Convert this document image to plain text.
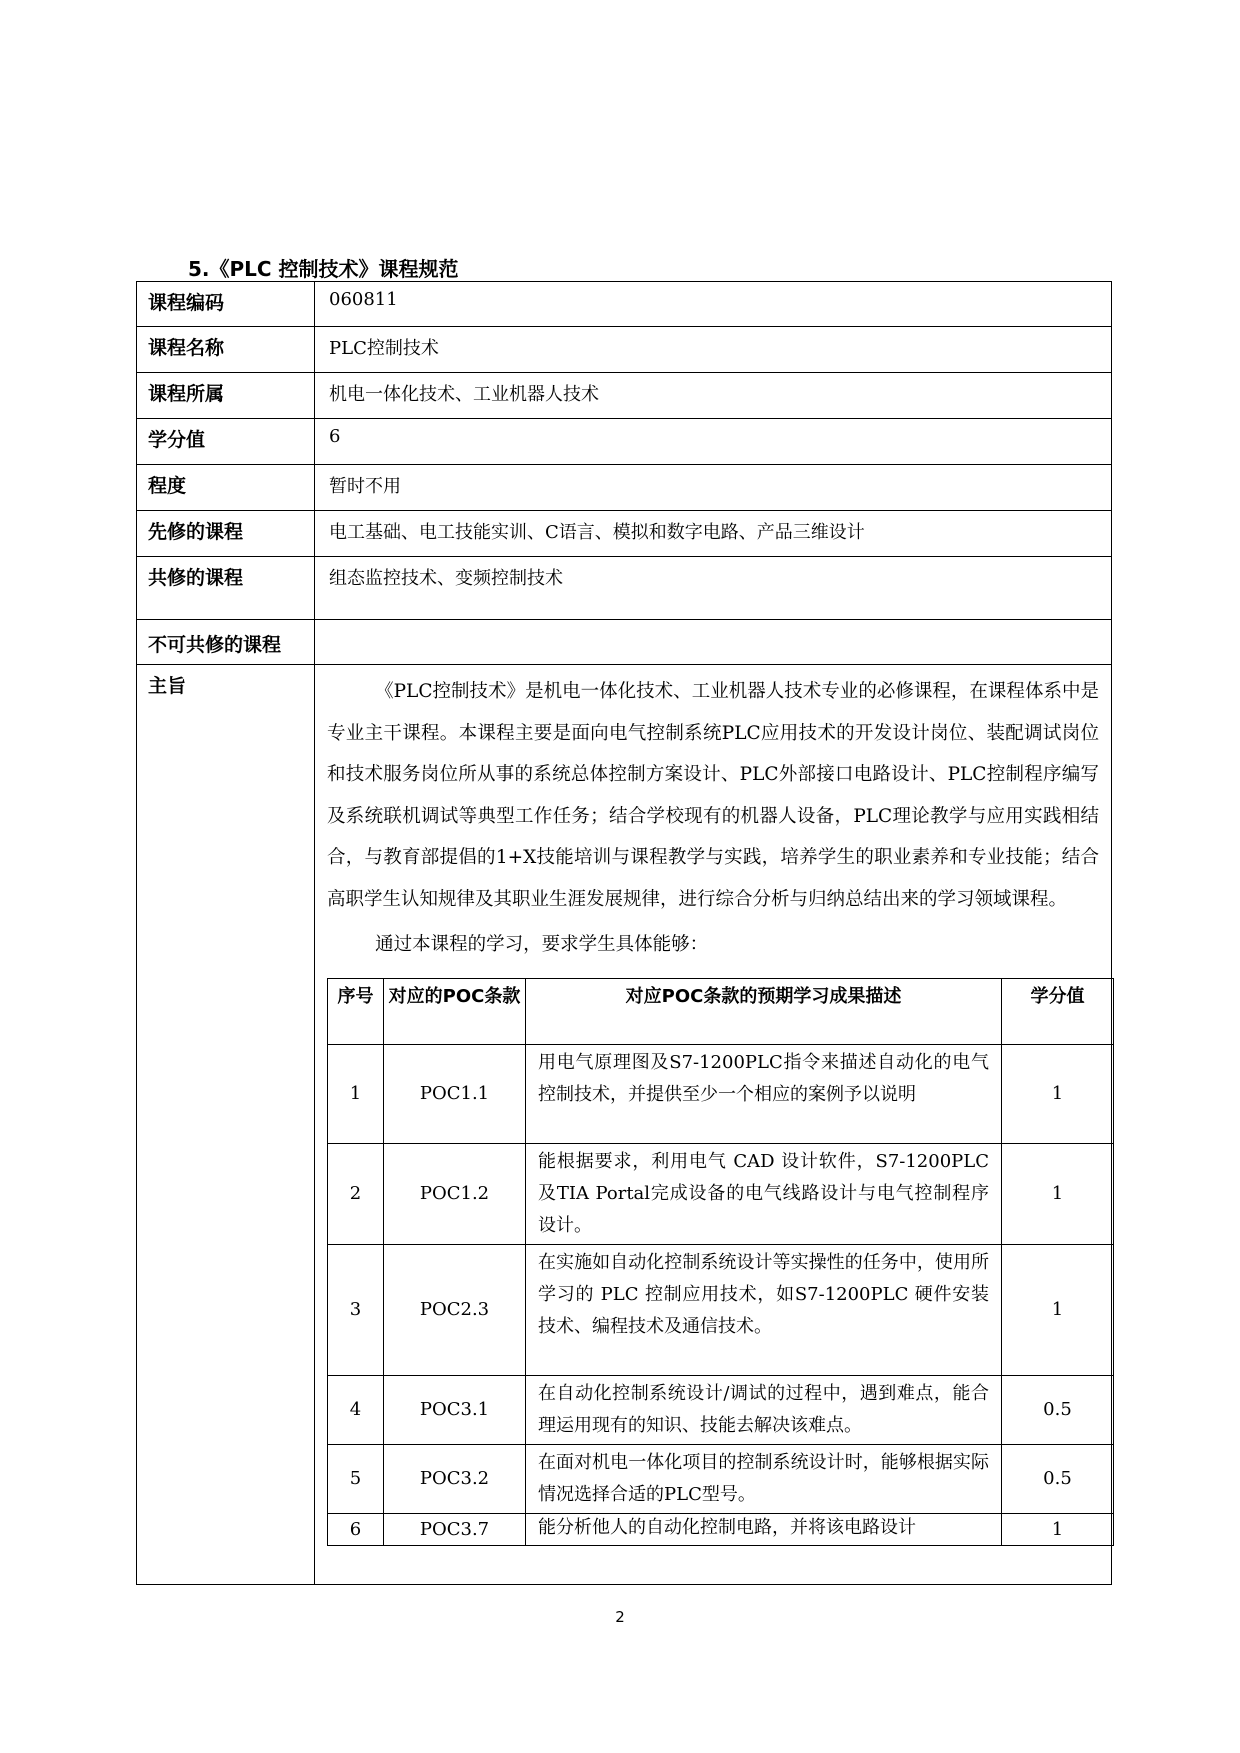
5.《PLC 控制技术》课程规范
课程编码	060811
课程名称	PLC控制技术
课程所属	机电一体化技术、工业机器人技术
学分值	6
程度	暂时不用
先修的课程	电工基础、电工技能实训、C语言、模拟和数字电路、产品三维设计
共修的课程	组态监控技术、变频控制技术
不可共修的课程	
主旨	《PLC控制技术》是机电一体化技术、工业机器人技术专业的必修课程，在课程体系中是专业主干课程。本课程主要是面向电气控制系统PLC应用技术的开发设计岗位、装配调试岗位和技术服务岗位所从事的系统总体控制方案设计、PLC外部接口电路设计、PLC控制程序编写及系统联机调试等典型工作任务；结合学校现有的机器人设备，PLC理论教学与应用实践相结合，与教育部提倡的1+X技能培训与课程教学与实践，培养学生的职业素养和专业技能；结合高职学生认知规律及其职业生涯发展规律，进行综合分析与归纳总结出来的学习领域课程。

通过本课程的学习，要求学生具体能够：

序号	对应的POC条款	对应POC条款的预期学习成果描述	学分值
1	POC1.1	用电气原理图及S7-1200PLC指令来描述自动化的电气控制技术，并提供至少一个相应的案例予以说明	1
2	POC1.2	能根据要求，利用电气 CAD 设计软件，S7-1200PLC及TIA Portal完成设备的电气线路设计与电气控制程序设计。	1
3	POC2.3	在实施如自动化控制系统设计等实操性的任务中，使用所学习的 PLC 控制应用技术，如S7-1200PLC 硬件安装技术、编程技术及通信技术。	1
4	POC3.1	在自动化控制系统设计/调试的过程中，遇到难点，能合理运用现有的知识、技能去解决该难点。	0.5
5	POC3.2	在面对机电一体化项目的控制系统设计时，能够根据实际情况选择合适的PLC型号。	0.5
6	POC3.7	能分析他人的自动化控制电路，并将该电路设计	1
2
